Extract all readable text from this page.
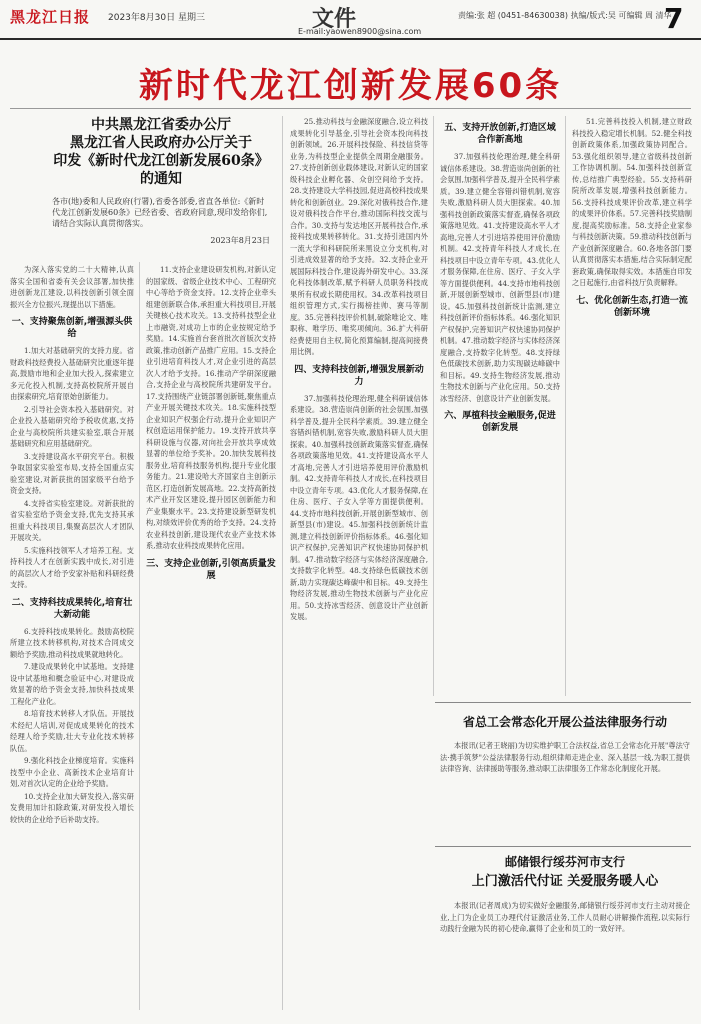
黑龙江日报 2023年8月30日 星期三	文件
E-mail:yaowen8900@sina.com
责编:张 超 (0451-84630038) 执编/版式:吴 可编辑 周 清华
7
新时代龙江创新发展60条
中共黑龙江省委办公厅
黑龙江省人民政府办公厅关于
印发《新时代龙江创新发展60条》的通知
各市(地)委和人民政府(行署),省委各部委,省直各单位:《新时代龙江创新发展60条》已经省委、省政府同意,现印发给你们,请结合实际认真贯彻落实。
2023年8月23日

为深入落实党的二十大精神,认真落实全国和省委有关会议部署,加快推进创新龙江建设,以科技创新引领全面振兴全方位振兴,现提出以下措施。

一、支持聚焦创新,增强源头供给

1.加大对基础研究的支持力度。省财政科技经费投入基础研究比重逐年提高,鼓励市地和企业加大投入,探索建立多元化投入机制,支持高校院所开展自由探索研究,培育原始创新能力。

2.引导社会资本投入基础研究。对企业投入基础研究给予税收优惠,支持企业与高校院所共建实验室,联合开展基础研究和应用基础研究。

3.支持建设高水平研究平台。积极争取国家实验室布局,支持全国重点实验室建设,对新获批的国家级平台给予资金支持。

4.支持省实验室建设。对新获批的省实验室给予资金支持,优先支持其承担重大科技项目,集聚高层次人才团队开展攻关。

5.实施科技领军人才培养工程。支持科技人才在创新实践中成长,对引进的高层次人才给予安家补贴和科研经费支持。

二、支持科技成果转化,培育壮大新动能

6.支持科技成果转化。鼓励高校院所建立技术转移机构,对技术合同成交额给予奖励,推动科技成果就地转化。

7.建设成果转化中试基地。支持建设中试基地和概念验证中心,对建设成效显著的给予资金支持,加快科技成果工程化产业化。

8.培育技术转移人才队伍。开展技术经纪人培训,对促成成果转化的技术经理人给予奖励,壮大专业化技术转移队伍。

9.强化科技企业梯度培育。实施科技型中小企业、高新技术企业培育计划,对首次认定的企业给予奖励。

10.支持企业加大研发投入,落实研发费用加计扣除政策,对研发投入增长较快的企业给予后补助支持。

11.支持企业建设研发机构,对新认定的国家级、省级企业技术中心、工程研究中心等给予资金支持。12.支持企业牵头组建创新联合体,承担重大科技项目,开展关键核心技术攻关。13.支持科技型企业上市融资,对成功上市的企业按规定给予奖励。14.实施首台套首批次首版次支持政策,推动创新产品推广应用。15.支持企业引进培育科技人才,对企业引进的高层次人才给予支持。16.推动产学研深度融合,支持企业与高校院所共建研发平台。17.支持围绕产业链部署创新链,聚焦重点产业开展关键技术攻关。18.实施科技型企业知识产权强企行动,提升企业知识产权创造运用保护能力。19.支持开放共享科研设施与仪器,对向社会开放共享成效显著的单位给予奖补。20.加快发展科技服务业,培育科技服务机构,提升专业化服务能力。21.建设哈大齐国家自主创新示范区,打造创新发展高地。22.支持高新技术产业开发区建设,提升园区创新能力和产业集聚水平。23.支持建设新型研发机构,对绩效评价优秀的给予支持。24.支持农业科技创新,建设现代农业产业技术体系,推动农业科技成果转化应用。

三、支持企业创新,引领高质量发展

25.推动科技与金融深度融合,设立科技成果转化引导基金,引导社会资本投向科技创新领域。26.开展科技保险、科技信贷等业务,为科技型企业提供全周期金融服务。27.支持创新创业载体建设,对新认定的国家级科技企业孵化器、众创空间给予支持。28.支持建设大学科技园,促进高校科技成果转化和创新创业。29.深化对俄科技合作,建设对俄科技合作平台,推动国际科技交流与合作。30.支持与发达地区开展科技合作,承接科技成果转移转化。31.支持引进国内外一流大学和科研院所来黑设立分支机构,对引进成效显著的给予支持。32.支持企业开展国际科技合作,建设海外研发中心。33.深化科技体制改革,赋予科研人员职务科技成果所有权或长期使用权。34.改革科技项目组织管理方式,实行揭榜挂帅、赛马等制度。35.完善科技评价机制,破除唯论文、唯职称、唯学历、唯奖项倾向。36.扩大科研经费使用自主权,简化预算编制,提高间接费用比例。

四、支持科技创新,增强发展新动力

37.加强科技伦理治理,健全科研诚信体系建设。38.营造崇尚创新的社会氛围,加强科学普及,提升全民科学素质。39.建立健全容错纠错机制,宽容失败,激励科研人员大胆探索。40.加强科技创新政策落实督查,确保各项政策落地见效。41.支持建设高水平人才高地,完善人才引进培养使用评价激励机制。42.支持青年科技人才成长,在科技项目中设立青年专项。43.优化人才服务保障,在住房、医疗、子女入学等方面提供便利。44.支持市地科技创新,开展创新型城市、创新型县(市)建设。45.加强科技创新统计监测,建立科技创新评价指标体系。46.强化知识产权保护,完善知识产权快速协同保护机制。47.推动数字经济与实体经济深度融合,支持数字化转型。48.支持绿色低碳技术创新,助力实现碳达峰碳中和目标。49.支持生物经济发展,推动生物技术创新与产业化应用。50.支持冰雪经济、创意设计产业创新发展。

五、支持开放创新,打造区域合作新高地

37.加强科技伦理治理,健全科研诚信体系建设。38.营造崇尚创新的社会氛围,加强科学普及,提升全民科学素质。39.建立健全容错纠错机制,宽容失败,激励科研人员大胆探索。40.加强科技创新政策落实督查,确保各项政策落地见效。41.支持建设高水平人才高地,完善人才引进培养使用评价激励机制。42.支持青年科技人才成长,在科技项目中设立青年专项。43.优化人才服务保障,在住房、医疗、子女入学等方面提供便利。44.支持市地科技创新,开展创新型城市、创新型县(市)建设。45.加强科技创新统计监测,建立科技创新评价指标体系。46.强化知识产权保护,完善知识产权快速协同保护机制。47.推动数字经济与实体经济深度融合,支持数字化转型。48.支持绿色低碳技术创新,助力实现碳达峰碳中和目标。49.支持生物经济发展,推动生物技术创新与产业化应用。50.支持冰雪经济、创意设计产业创新发展。

六、厚植科技金融服务,促进创新发展

51.完善科技投入机制,建立财政科技投入稳定增长机制。52.健全科技创新政策体系,加强政策协同配合。53.强化组织领导,建立省级科技创新工作协调机制。54.加强科技创新宣传,总结推广典型经验。55.支持科研院所改革发展,增强科技创新能力。56.支持科技成果评价改革,建立科学的成果评价体系。57.完善科技奖励制度,提高奖励标准。58.支持企业家参与科技创新决策。59.推动科技创新与产业创新深度融合。60.各地各部门要认真贯彻落实本措施,结合实际制定配套政策,确保取得实效。本措施自印发之日起施行,由省科技厅负责解释。

七、优化创新生态,打造一流创新环境
省总工会常态化开展公益法律服务行动

本报讯(记者王晓丽)为切实维护职工合法权益,省总工会常态化开展"尊法守法·携手筑梦"公益法律服务行动,组织律师走进企业、深入基层一线,为职工提供法律咨询、法律援助等服务,推动职工法律服务工作常态化制度化开展。

邮储银行绥芬河市支行
上门激活代付证 关爱服务暖人心

本报讯(记者周成)为切实做好金融服务,邮储银行绥芬河市支行主动对接企业,上门为企业员工办理代付证激活业务,工作人员耐心讲解操作流程,以实际行动践行金融为民的初心使命,赢得了企业和员工的一致好评。
